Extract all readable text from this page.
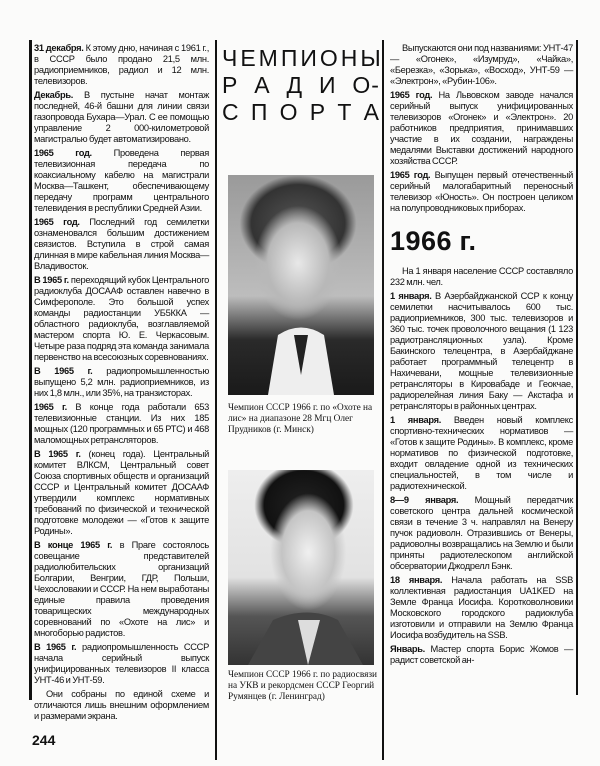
31 декабря. К этому дню, начиная с 1961 г., в СССР было продано 21,5 млн. радиоприемников, радиол и 12 млн. телевизоров.

Декабрь. В пустыне начат монтаж последней, 46-й башни для линии связи газопровода Бухара—Урал. С ее помощью управление 2 000-километровой магистралью будет автоматизировано.

1965 год. Проведена первая телевизионная передача по коаксиальному кабелю на магистрали Москва—Ташкент, обеспечивающему передачу программ центрального телевидения в республики Средней Азии.

1965 год. Последний год семилетки ознаменовался большим достижением связистов. Вступила в строй самая длинная в мире кабельная линия Москва—Владивосток.

В 1965 г. переходящий кубок Центрального радиоклуба ДОСААФ оставлен навечно в Симферополе. Это большой успех команды радиостанции УБ5ККА — областного радиоклуба, возглавляемой мастером спорта Ю. Е. Черкасовым. Четыре раза подряд эта команда занимала первенство на всесоюзных соревнованиях.

В 1965 г. радиопромышленностью выпущено 5,2 млн. радиоприемников, из них 1,8 млн., или 35%, на транзисторах.

1965 г. В конце года работали 653 телевизионные станции. Из них 185 мощных (120 программных и 65 РТС) и 468 маломощных ретрансляторов.

В 1965 г. (конец года). Центральный комитет ВЛКСМ, Центральный совет Союза спортивных обществ и организаций СССР и Центральный комитет ДОСААФ утвердили комплекс нормативных требований по физической и технической подготовке молодежи — «Готов к защите Родины».

В конце 1965 г. в Праге состоялось совещание представителей радиолюбительских организаций Болгарии, Венгрии, ГДР, Польши, Чехословакии и СССР. На нем выработаны единые правила проведения товарищеских международных соревнований по «Охоте на лис» и многоборью радистов.

В 1965 г. радиопромышленность СССР начала серийный выпуск унифицированных телевизоров II класса УНТ-46 и УНТ-59.

Они собраны по единой схеме и отличаются лишь внешним оформлением и размерами экрана.

244
ЧЕМПИОНЫ
Р А Д И О-
С П О Р Т А
Чемпион СССР 1966 г. по «Охоте на лис» на диапазоне 28 Мгц Олег Прудников (г. Минск)
Чемпион СССР 1966 г. по радиосвязи на УКВ и рекордсмен СССР Георгий Румянцев (г. Ленинград)

Выпускаются они под названиями: УНТ-47 — «Огонек», «Изумруд», «Чайка», «Березка», «Зорька», «Восход», УНТ-59 — «Электрон», «Рубин-106».

1965 год. На Львовском заводе начался серийный выпуск унифицированных телевизоров «Огонек» и «Электрон». 20 работников предприятия, принимавших участие в их создании, награждены медалями Выставки достижений народного хозяйства СССР.

1965 год. Выпущен первый отечественный серийный малогабаритный переносный телевизор «Юность». Он построен целиком на полупроводниковых приборах.

1966 г.

На 1 января население СССР составляло 232 млн. чел.

1 января. В Азербайджанской ССР к концу семилетки насчитывалось 600 тыс. радиоприемников, 300 тыс. телевизоров и 360 тыс. точек проволочного вещания (1 123 радиотрансляционных узла). Кроме Бакинского телецентра, в Азербайджане работает программный телецентр в Нахичевани, мощные телевизионные ретрансляторы в Кировабаде и Геокчае, радиорелейная линия Баку — Акстафа и ретрансляторы в районных центрах.

1 января. Введен новый комплекс спортивно-технических нормативов — «Готов к защите Родины». В комплекс, кроме нормативов по физической подготовке, входит овладение одной из технических специальностей, в том числе и радиотехнической.

8—9 января. Мощный передатчик советского центра дальней космической связи в течение 3 ч. направлял на Венеру пучок радиоволн. Отразившись от Венеры, радиоволны возвращались на Землю и были приняты радиотелескопом английской обсерватории Джодрелл Бэнк.

18 января. Начала работать на SSB коллективная радиостанция UA1KED на Земле Франца Иосифа. Коротковолновики Московского городского радиоклуба изготовили и отправили на Землю Франца Иосифа возбудитель на SSB.

Январь. Мастер спорта Борис Жомов — радист советской ан-
